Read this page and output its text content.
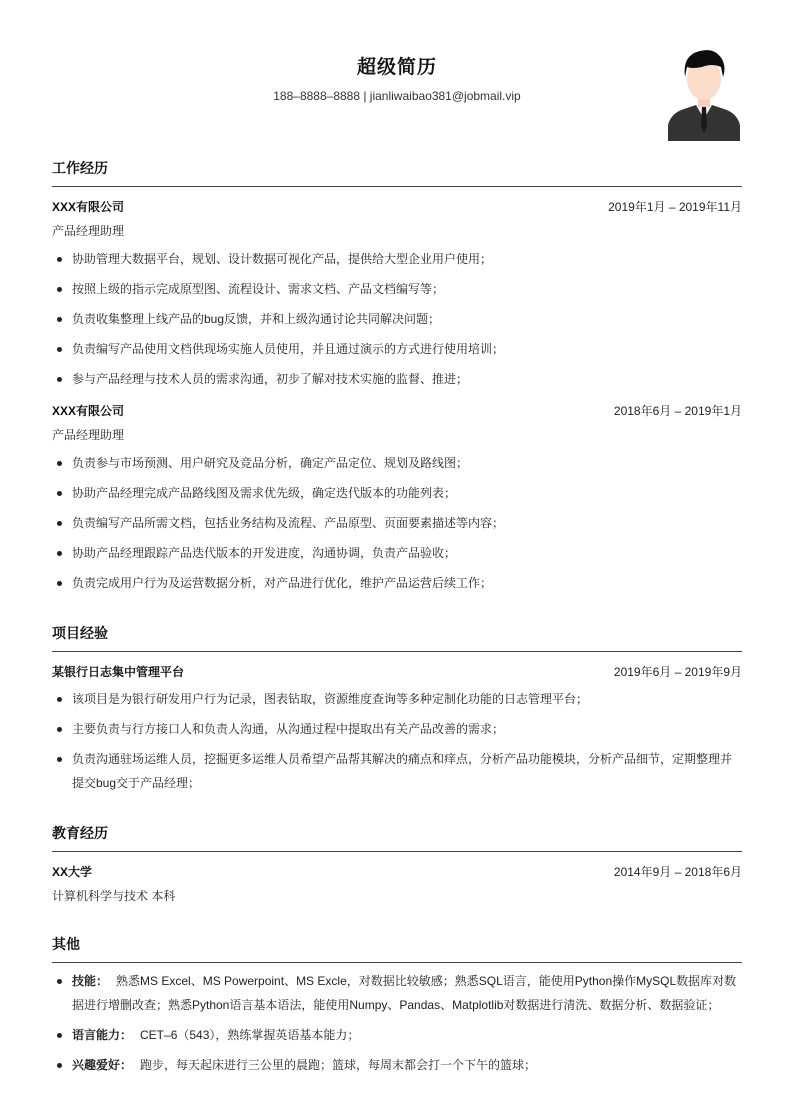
超级简历
188–8888–8888 | jianliwaibao381@jobmail.vip
工作经历
XXX有限公司	2019年1月 – 2019年11月
产品经理助理
协助管理大数据平台，规划、设计数据可视化产品，提供给大型企业用户使用；
按照上级的指示完成原型图、流程设计、需求文档、产品文档编写等；
负责收集整理上线产品的bug反馈，并和上级沟通讨论共同解决问题；
负责编写产品使用文档供现场实施人员使用，并且通过演示的方式进行使用培训；
参与产品经理与技术人员的需求沟通，初步了解对技术实施的监督、推进；
XXX有限公司	2018年6月 – 2019年1月
产品经理助理
负责参与市场预测、用户研究及竞品分析，确定产品定位、规划及路线图；
协助产品经理完成产品路线图及需求优先级，确定迭代版本的功能列表；
负责编写产品所需文档，包括业务结构及流程、产品原型、页面要素描述等内容；
协助产品经理跟踪产品迭代版本的开发进度，沟通协调，负责产品验收；
负责完成用户行为及运营数据分析，对产品进行优化，维护产品运营后续工作；
项目经验
某银行日志集中管理平台	2019年6月 – 2019年9月
该项目是为银行研发用户行为记录，图表钻取，资源维度查询等多种定制化功能的日志管理平台；
主要负责与行方接口人和负责人沟通，从沟通过程中提取出有关产品改善的需求；
负责沟通驻场运维人员，挖掘更多运维人员希望产品帮其解决的痛点和痒点，分析产品功能模块，分析产品细节，定期整理并提交bug交于产品经理；
教育经历
XX大学	2014年9月 – 2018年6月
计算机科学与技术 本科
其他
技能： 熟悉MS Excel、MS Powerpoint、MS Excle，对数据比较敏感；熟悉SQL语言，能使用Python操作MySQL数据库对数据进行增删改查；熟悉Python语言基本语法，能使用Numpy、Pandas、Matplotlib对数据进行清洗、数据分析、数据验证；
语言能力： CET–6（543），熟练掌握英语基本能力；
兴趣爱好： 跑步，每天起床进行三公里的晨跑；篮球，每周末都会打一个下午的篮球；
